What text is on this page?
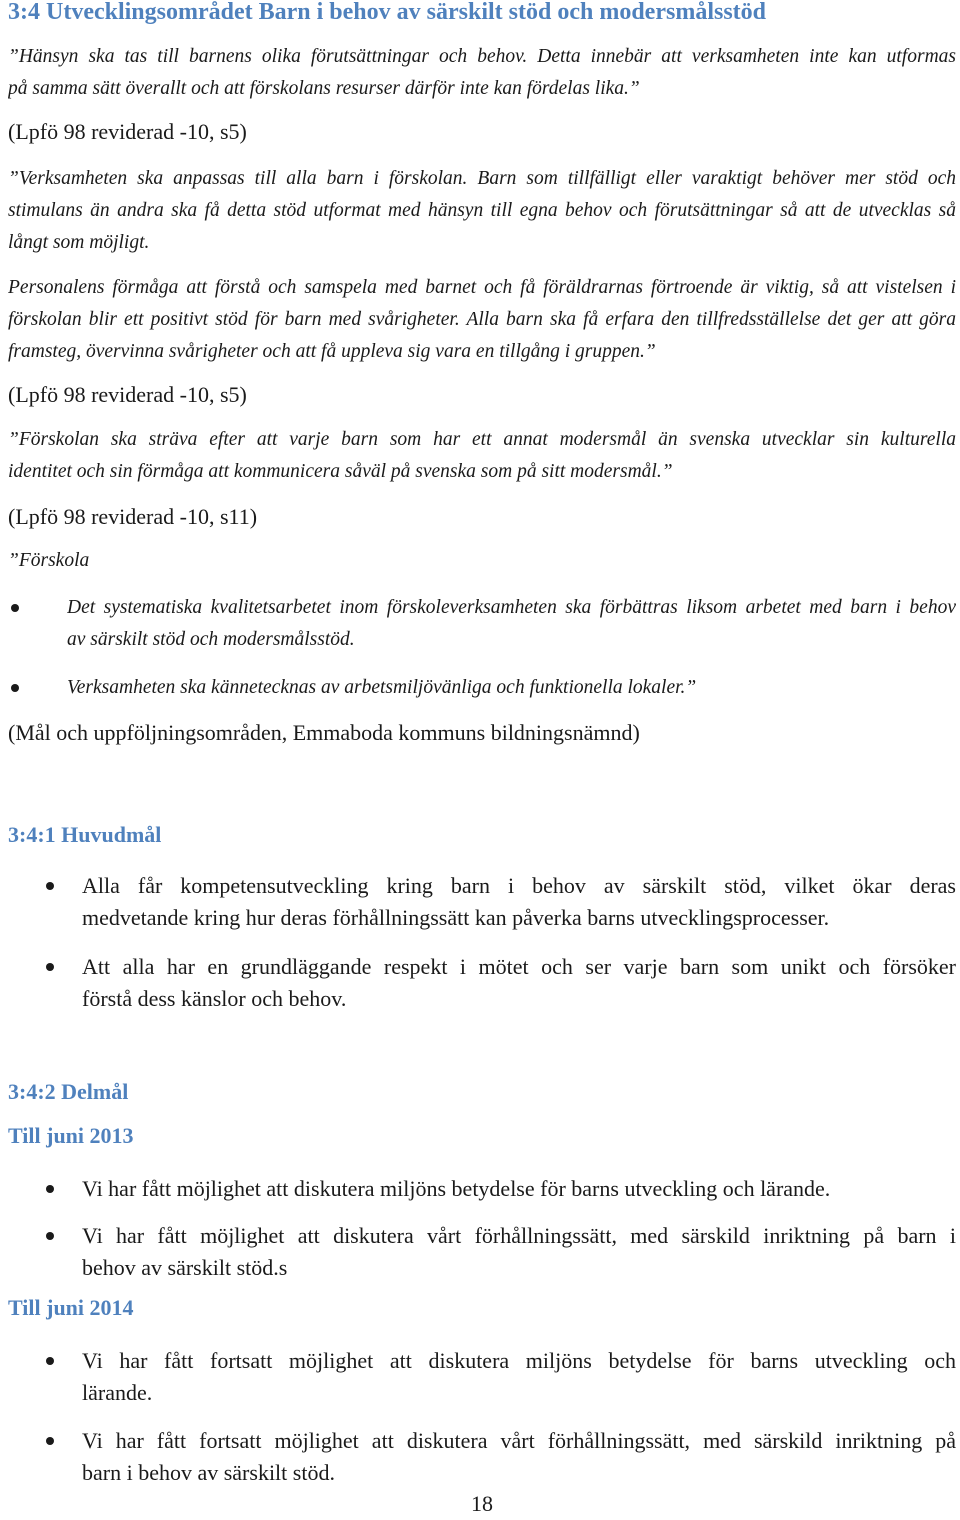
3:4 Utvecklingsområdet Barn i behov av särskilt stöd och modersmålsstöd
”Hänsyn ska tas till barnens olika förutsättningar och behov. Detta innebär att verksamheten inte kan utformas
på samma sätt överallt och att förskolans resurser därför inte kan fördelas lika.”
(Lpfö 98 reviderad -10, s5)
”Verksamheten ska anpassas till alla barn i förskolan. Barn som tillfälligt eller varaktigt behöver mer stöd och
stimulans än andra ska få detta stöd utformat med hänsyn till egna behov och förutsättningar så att de utvecklas så
långt som möjligt.
Personalens förmåga att förstå och samspela med barnet och få föräldrarnas förtroende är viktig, så att vistelsen i
förskolan blir ett positivt stöd för barn med svårigheter. Alla barn ska få erfara den tillfredsställelse det ger att göra
framsteg, övervinna svårigheter och att få uppleva sig vara en tillgång i gruppen.”
(Lpfö 98 reviderad -10, s5)
”Förskolan ska sträva efter att varje barn som har ett annat modersmål än svenska utvecklar sin kulturella
identitet och sin förmåga att kommunicera såväl på svenska som på sitt modersmål.”
(Lpfö 98 reviderad -10, s11)
”Förskola
Det systematiska kvalitetsarbetet inom förskoleverksamheten ska förbättras liksom arbetet med barn i behov
av särskilt stöd och modersmålsstöd.
Verksamheten ska kännetecknas av arbetsmiljövänliga och funktionella lokaler.”
(Mål och uppföljningsområden, Emmaboda kommuns bildningsnämnd)
3:4:1 Huvudmål
Alla får kompetensutveckling kring barn i behov av särskilt stöd, vilket ökar deras
medvetande kring hur deras förhållningssätt kan påverka barns utvecklingsprocesser.
Att alla har en grundläggande respekt i mötet och ser varje barn som unikt och försöker
förstå dess känslor och behov.
3:4:2 Delmål
Till juni 2013
Vi har fått möjlighet att diskutera miljöns betydelse för barns utveckling och lärande.
Vi har fått möjlighet att diskutera vårt förhållningssätt, med särskild inriktning på barn i
behov av särskilt stöd.s
Till juni 2014
Vi har fått fortsatt möjlighet att diskutera miljöns betydelse för barns utveckling och
lärande.
Vi har fått fortsatt möjlighet att diskutera vårt förhållningssätt, med särskild inriktning på
barn i behov av särskilt stöd.
18
